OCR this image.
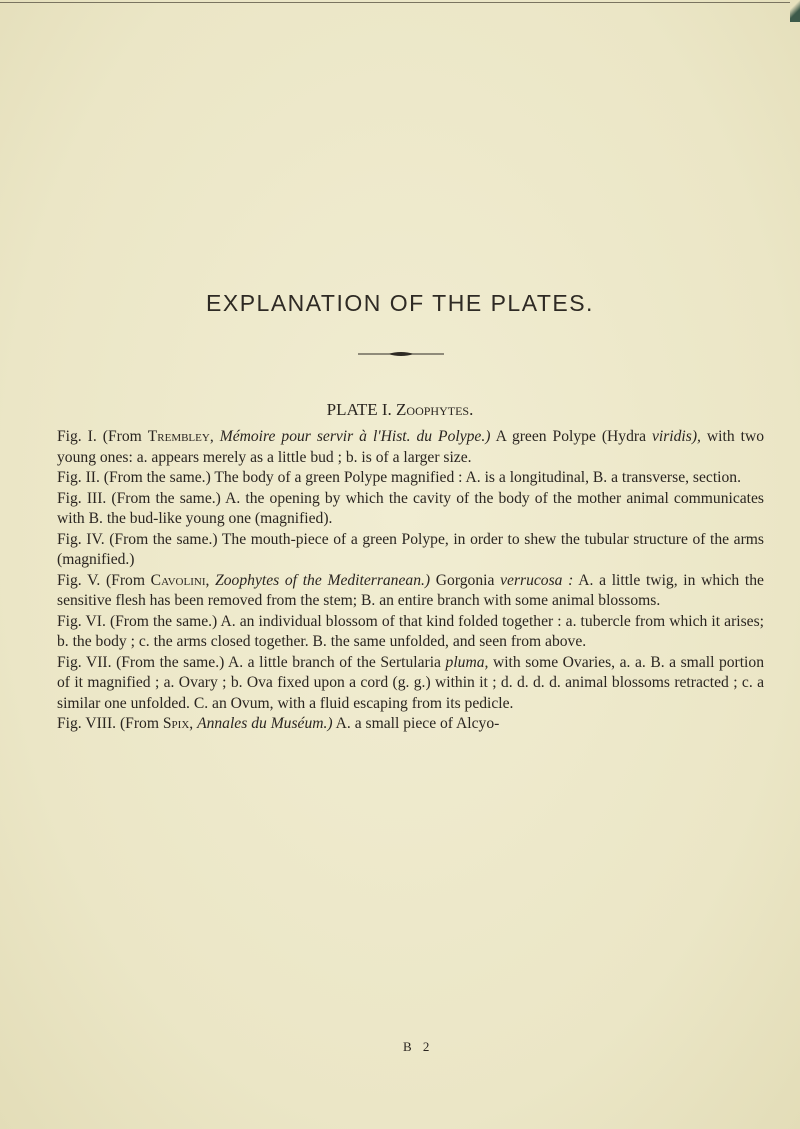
EXPLANATION OF THE PLATES.
PLATE I. Zoophytes.
Fig. I. (From Trembley, Mémoire pour servir à l'Hist. du Polype.) A green Polype (Hydra viridis), with two young ones: a. appears merely as a little bud ; b. is of a larger size.
Fig. II. (From the same.) The body of a green Polype magnified : A. is a longitudinal, B. a transverse, section.
Fig. III. (From the same.) A. the opening by which the cavity of the body of the mother animal communicates with B. the bud-like young one (magnified).
Fig. IV. (From the same.) The mouth-piece of a green Polype, in order to shew the tubular structure of the arms (magnified.)
Fig. V. (From Cavolini, Zoophytes of the Mediterranean.) Gorgonia verrucosa : A. a little twig, in which the sensitive flesh has been removed from the stem; B. an entire branch with some animal blossoms.
Fig. VI. (From the same.) A. an individual blossom of that kind folded together : a. tubercle from which it arises; b. the body ; c. the arms closed together. B. the same unfolded, and seen from above.
Fig. VII. (From the same.) A. a little branch of the Sertularia pluma, with some Ovaries, a. a. B. a small portion of it magnified ; a. Ovary ; b. Ova fixed upon a cord (g. g.) within it ; d. d. d. d. animal blossoms retracted ; c. a similar one unfolded. C. an Ovum, with a fluid escaping from its pedicle.
Fig. VIII. (From Spix, Annales du Muséum.) A. a small piece of Alcyo-
B 2
